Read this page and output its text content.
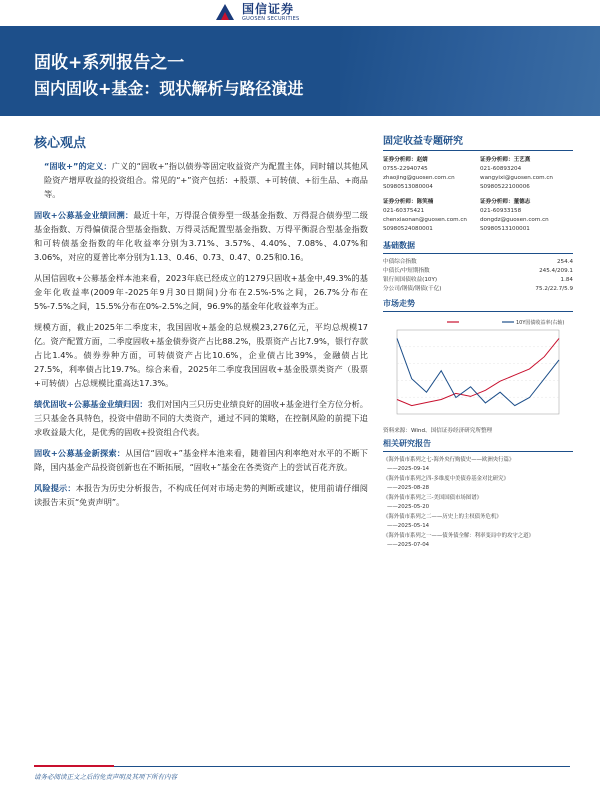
国信证券
GUOSEN SECURITIES
固收+系列报告之一
国内固收+基金：现状解析与路径演进
核心观点

“固收+”的定义：广义的“固收+”指以债券等固定收益资产为配置主体，同时辅以其他风险资产增厚收益的投资组合。常见的“+”资产包括：+股票、+可转债、+衍生品、+商品等。

固收+公募基金业绩回溯：最近十年，万得混合债券型一级基金指数、万得混合债券型二级基金指数、万得偏债混合型基金指数、万得灵活配置型基金指数、万得平衡混合型基金指数和可转债基金指数的年化收益率分别为3.71%、3.57%、4.40%、7.08%、4.07%和3.06%，对应的夏普比率分别为1.13、0.46、0.73、0.47、0.25和0.16。

从国信固收+公募基金样本池来看，2023年底已经成立的1279只固收+基金中,49.3%的基金年化收益率(2009年-2025年9月30日期间)分布在2.5%-5%之间，26.7%分布在5%-7.5%之间，15.5%分布在0%-2.5%之间，96.9%的基金年化收益率为正。

规模方面，截止2025年二季度末，我国固收+基金的总规模23,276亿元，平均总规模17亿。资产配置方面，二季度固收+基金债券资产占比88.2%，股票资产占比7.9%，银行存款占比1.4%。债券券种方面，可转债资产占比10.6%，企业债占比39%，金融债占比27.5%，利率债占比19.7%。综合来看，2025年二季度我国固收+基金股票类资产（股票+可转债）占总规模比重高达17.3%。

绩优固收+公募基金业绩归因：我们对国内三只历史业绩良好的固收+基金进行全方位分析。三只基金各具特色，投资中借助不同的大类资产，通过不同的策略，在控制风险的前提下追求收益最大化，是优秀的固收+投资组合代表。

固收+公募基金新探索：从国信“固收+”基金样本池来看，随着国内利率绝对水平的不断下降，国内基金产品投资创新也在不断拓展，“固收+”基金在各类资产上的尝试百花齐放。

风险提示：本报告为历史分析报告，不构成任何对市场走势的判断或建议，使用前请仔细阅读报告末页“免责声明”。

固定收益专题研究
证券分析师：赵婧
0755-22940745
zhaojing@guosen.com.cn
S0980513080004
证券分析师：王艺熹
021-60893204
wangyixi@guosen.com.cn
S0980522100006
证券分析师：陈笑楠
021-60375421
chenxiaonan@guosen.com.cn
S0980524080001
证券分析师：董德志
021-60933158
dongdz@guosen.com.cn
S0980513100001
基础数据
中债综合指数	254.4
中债长/中短期指数	245.4/209.1
银行间国债收益(10Y)	1.84
分公司/钢债/钢债(千亿)	75.2/22.7/5.9
市场走势
10Y国债收益率(右轴)
资料来源：Wind、国信证券经济研究所整理
相关研究报告
《海外债市系列之七-海外央行购债史——欧洲央行篇》
——2025-09-14
《海外债市系列之四-多维度中美债券基金对比研究》
——2025-08-28
《海外债市系列之三-美国国债市场图谱》
——2025-05-20
《海外债市系列之二——历史上的主权债务危机》
——2025-05-14
《海外债市系列之一——债务债全解：利率变局中的攻守之道》
——2025-07-04
请务必阅读正文之后的免责声明及其项下所有内容
